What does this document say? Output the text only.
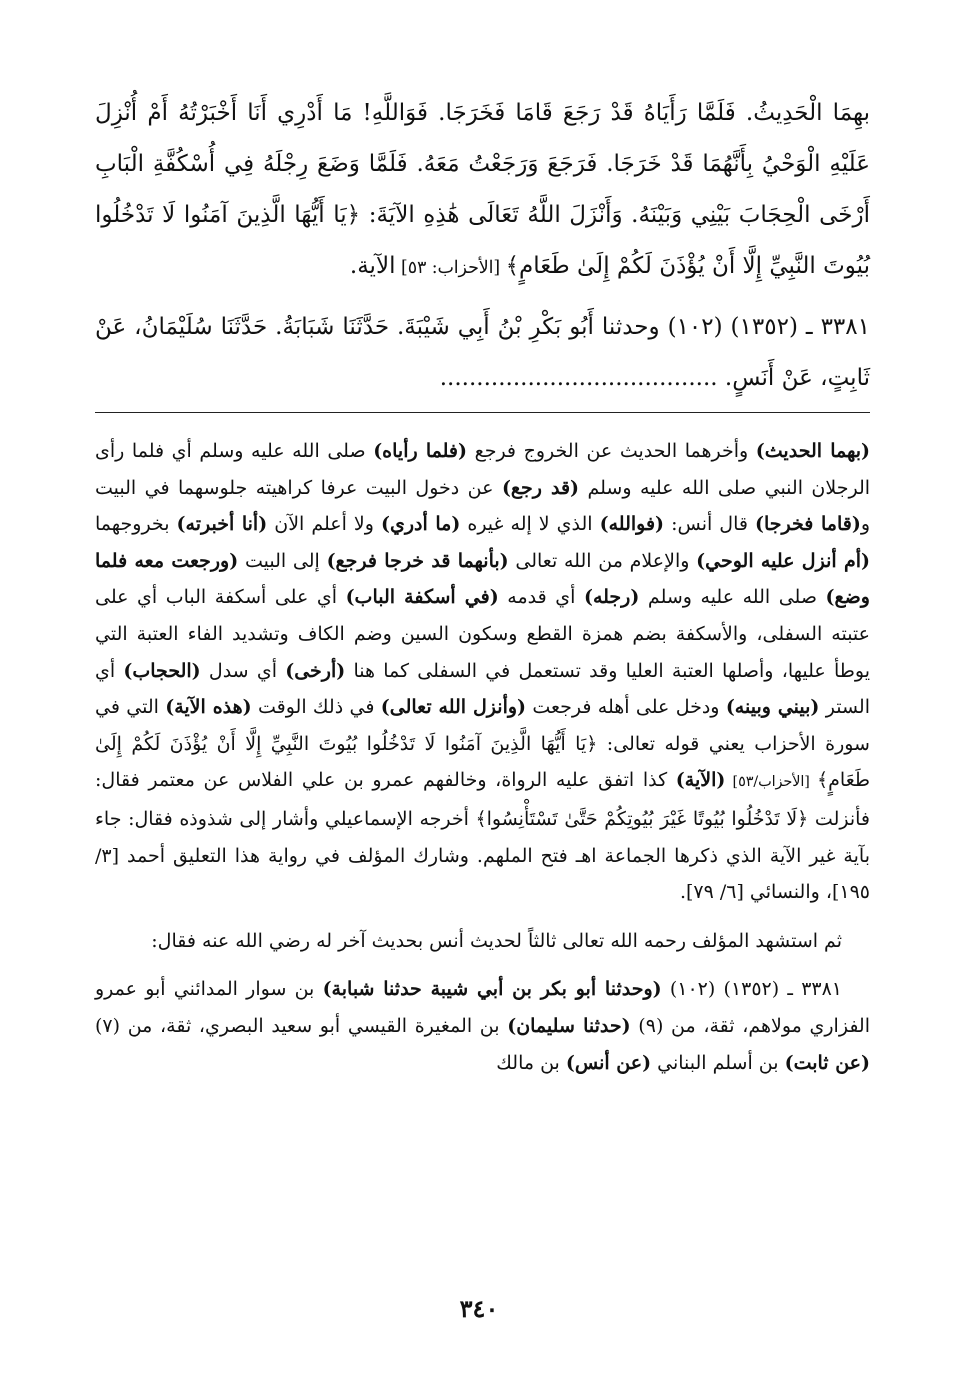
بهِمَا الْحَدِيثُ. فَلَمَّا رَأَيَاهُ قَدْ رَجَعَ قَامَا فَخَرَجَا. فَوَاللَّهِ! مَا أَدْرِي أَنَا أَخْبَرْتُهُ أَمْ أُنْزِلَ عَلَيْهِ الْوَحْيُ بِأَنَّهُمَا قَدْ خَرَجَا. فَرَجَعَ وَرَجَعْتُ مَعَهُ. فَلَمَّا وَضَعَ رِجْلَهُ فِي أُسْكُفَّةِ الْبَابِ أَرْخَى الْحِجَابَ بَيْنِي وَبَيْنَهُ. وَأَنْزَلَ اللَّهُ تَعَالَى هَٰذِهِ الآيَةَ: ﴿يَا أَيُّهَا الَّذِينَ آمَنُوا لَا تَدْخُلُوا بُيُوتَ النَّبِيِّ إِلَّا أَنْ يُؤْذَنَ لَكُمْ إِلَىٰ طَعَامٍ﴾ [الأحزاب: ٥٣] الآية.

٣٣٨١ ـ (١٣٥٢) (١٠٢) وحدثنا أَبُو بَكْرِ بْنُ أَبِي شَيْبَةَ. حَدَّثَنَا شَبَابَةُ. حَدَّثَنَا سُلَيْمَانُ، عَنْ ثَابِتٍ، عَنْ أَنَسٍ. ......................................

(بهما الحديث) وأخرهما الحديث عن الخروج فرجع (فلما رأياه) صلى الله عليه وسلم أي فلما رأى الرجلان النبي صلى الله عليه وسلم (قد رجع) عن دخول البيت عرفا كراهيته جلوسهما في البيت و(قاما فخرجا) قال أنس: (فوالله) الذي لا إله غيره (ما أدري) ولا أعلم الآن (أنا أخبرته) بخروجهما (أم أنزل عليه الوحي) والإعلام من الله تعالى (بأنهما قد خرجا فرجع) إلى البيت (ورجعت معه فلما وضع) صلى الله عليه وسلم (رجله) أي قدمه (في أسكفة الباب) أي على أسكفة الباب أي على عتبته السفلى، والأسكفة بضم همزة القطع وسكون السين وضم الكاف وتشديد الفاء العتبة التي يوطأ عليها، وأصلها العتبة العليا وقد تستعمل في السفلى كما هنا (أرخى) أي سدل (الحجاب) أي الستر (بيني وبينه) ودخل على أهله فرجعت (وأنزل الله تعالى) في ذلك الوقت (هذه الآية) التي في سورة الأحزاب يعني قوله تعالى: ﴿يَا أَيُّهَا الَّذِينَ آمَنُوا لَا تَدْخُلُوا بُيُوتَ النَّبِيِّ إِلَّا أَنْ يُؤْذَنَ لَكُمْ إِلَىٰ طَعَامٍ﴾ [الأحزاب/٥٣] (الآية) كذا اتفق عليه الرواة، وخالفهم عمرو بن علي الفلاس عن معتمر فقال: فأنزلت ﴿لَا تَدْخُلُوا بُيُوتًا غَيْرَ بُيُوتِكُمْ حَتَّىٰ تَسْتَأْنِسُوا﴾ أخرجه الإسماعيلي وأشار إلى شذوذه فقال: جاء بآية غير الآية الذي ذكرها الجماعة اهـ فتح الملهم. وشارك المؤلف في رواية هذا التعليق أحمد [٣/ ١٩٥]، والنسائي [٦/ ٧٩].

ثم استشهد المؤلف رحمه الله تعالى ثالثاً لحديث أنس بحديث آخر له رضي الله عنه فقال:

٣٣٨١ ـ (١٣٥٢) (١٠٢) (وحدثنا أبو بكر بن أبي شيبة حدثنا شبابة) بن سوار المدائني أبو عمرو الفزاري مولاهم، ثقة، من (٩) (حدثنا سليمان) بن المغيرة القيسي أبو سعيد البصري، ثقة، من (٧) (عن ثابت) بن أسلم البناني (عن أنس) بن مالك

٣٤٠
